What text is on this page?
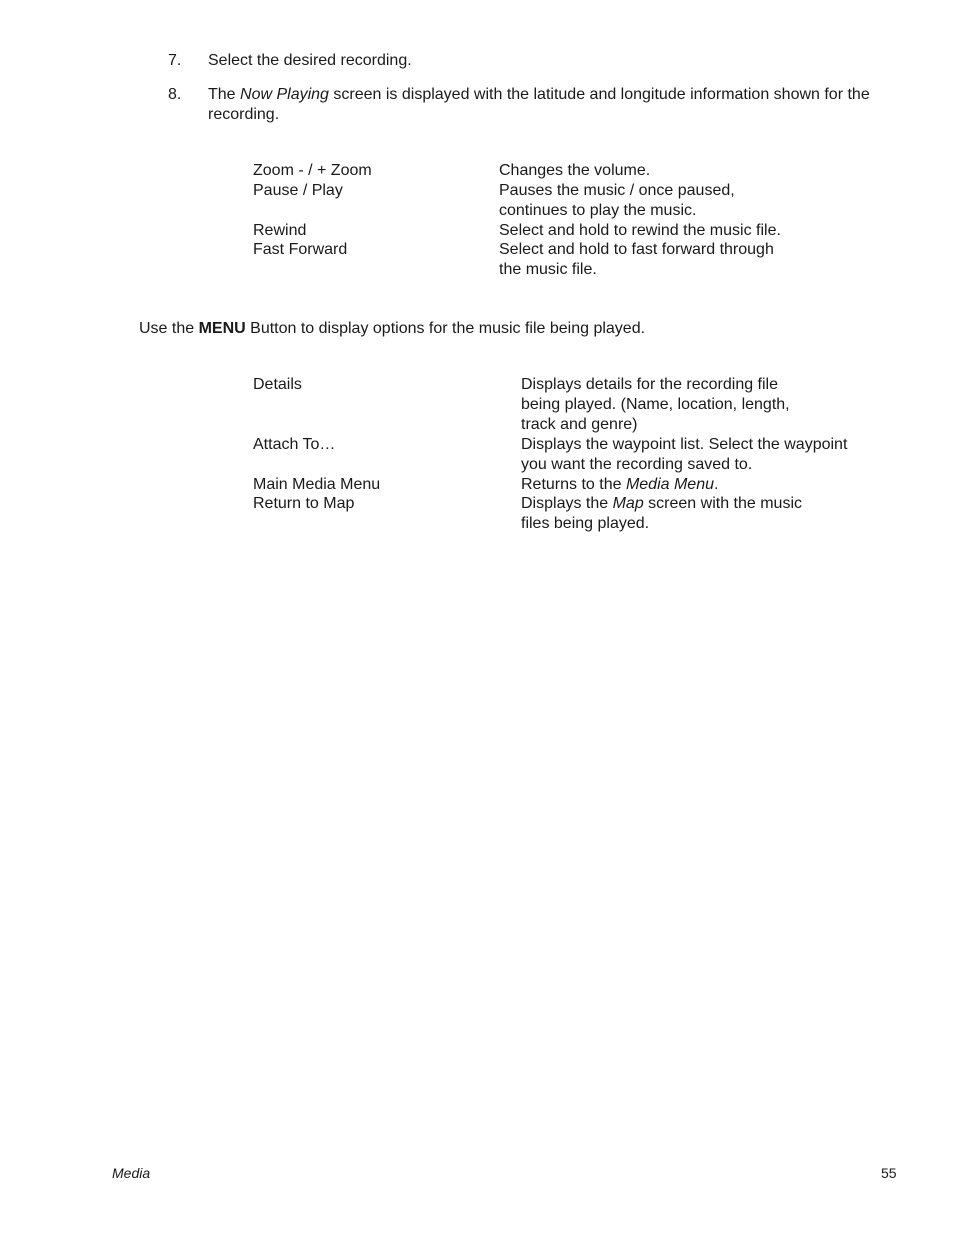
7. Select the desired recording.
8. The Now Playing screen is displayed with the latitude and longitude information shown for the recording.
Zoom - / + Zoom	Changes the volume.
Pause / Play	Pauses the music / once paused, continues to play the music.
Rewind	Select and hold to rewind the music file.
Fast Forward	Select and hold to fast forward through the music file.
Use the MENU Button to display options for the music file being played.
Details	Displays details for the recording file being played. (Name, location, length, track and genre)
Attach To…	Displays the waypoint list. Select the waypoint you want the recording saved to.
Main Media Menu	Returns to the Media Menu.
Return to Map	Displays the Map screen with the music files being played.
Media	55
